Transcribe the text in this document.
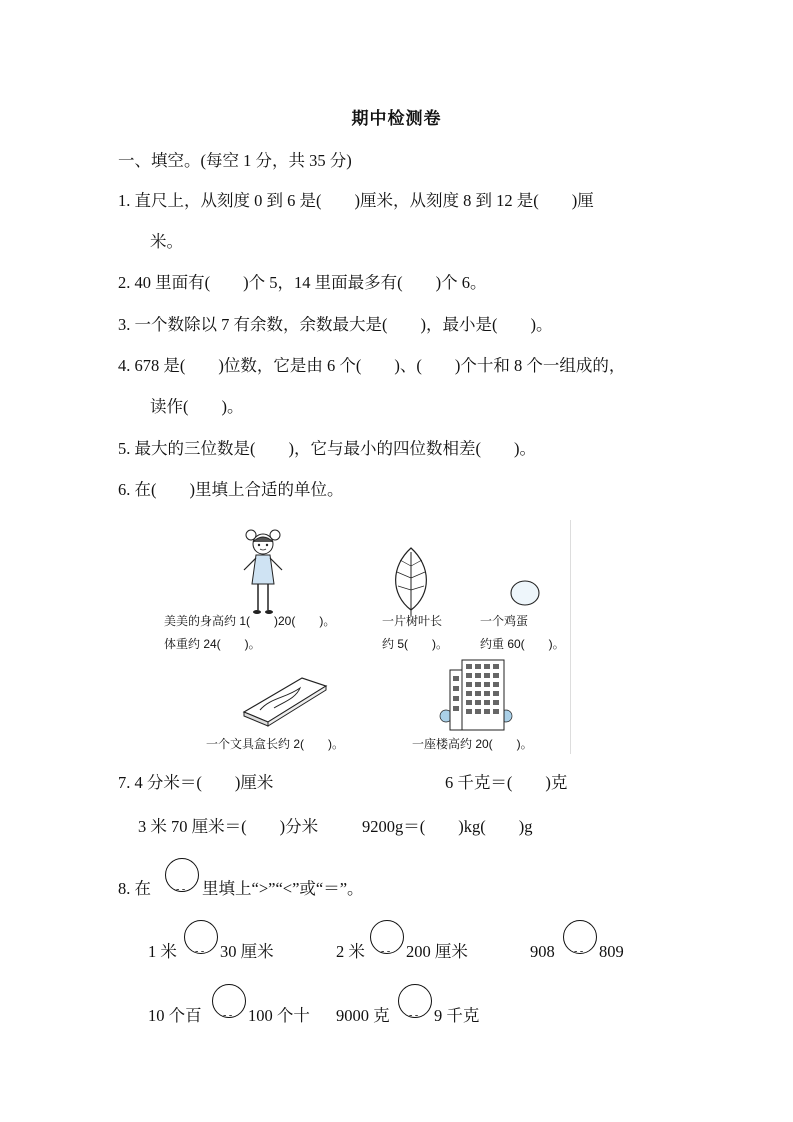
期中检测卷
一、填空。(每空 1 分，共 35 分)
1. 直尺上，从刻度 0 到 6 是(　　)厘米，从刻度 8 到 12 是(　　)厘
米。
2. 40 里面有(　　)个 5，14 里面最多有(　　)个 6。
3. 一个数除以 7 有余数，余数最大是(　　)，最小是(　　)。
4. 678 是(　　)位数，它是由 6 个(　　)、(　　)个十和 8 个一组成的，
读作(　　)。
5. 最大的三位数是(　　)，它与最小的四位数相差(　　)。
6. 在(　　)里填上合适的单位。
美美的身高约 1(　　)20(　　)。
体重约 24(　　)。
一片树叶长
约 5(　　)。
一个鸡蛋
约重 60(　　)。
一个文具盒长约 2(　　)。	一座楼高约 20(　　)。
7. 4 分米＝(　　)厘米	6 千克＝(　　)克
3 米 70 厘米＝(　　)分米	9200g＝(　　)kg(　　)g
8. 在 - -	里填上“>”“<”或“＝”。
1 米 - -	30 厘米	2 米 - - 200 厘米	908 - -	809
10 个百 - -	100 个十 9000 克 - -	9 千克
